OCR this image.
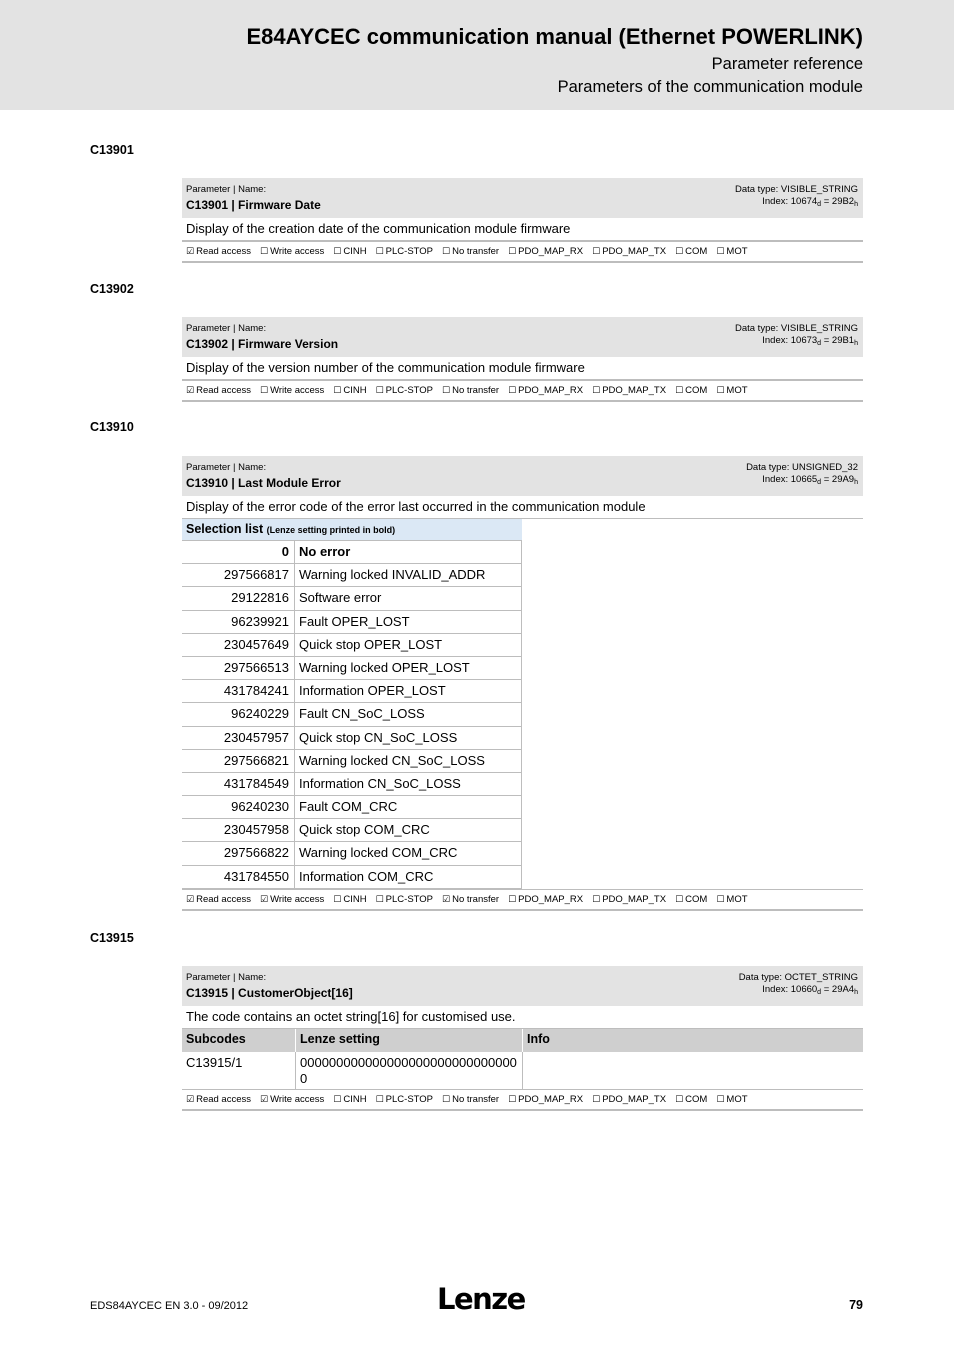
E84AYCEC communication manual (Ethernet POWERLINK)
Parameter reference
Parameters of the communication module
C13901
Parameter | Name:
C13901 | Firmware Date
Data type: VISIBLE_STRING
Index: $10674_d = 29B2_h$
Display of the creation date of the communication module firmware
☑ Read access ☐ Write access ☐ CINH ☐ PLC-STOP ☐ No transfer ☐ PDO_MAP_RX ☐ PDO_MAP_TX ☐ COM ☐ MOT
C13902
Parameter | Name:
C13902 | Firmware Version
Data type: VISIBLE_STRING
Index: $10673_d = 29B1_h$
Display of the version number of the communication module firmware
☑ Read access ☐ Write access ☐ CINH ☐ PLC-STOP ☐ No transfer ☐ PDO_MAP_RX ☐ PDO_MAP_TX ☐ COM ☐ MOT
C13910
Parameter | Name:
C13910 | Last Module Error
Data type: UNSIGNED_32
Index: $10665_d = 29A9_h$
Display of the error code of the error last occurred in the communication module
Selection list (Lenze setting printed in bold)
0 No error
297566817 Warning locked INVALID_ADDR
29122816 Software error
96239921 Fault OPER_LOST
230457649 Quick stop OPER_LOST
297566513 Warning locked OPER_LOST
431784241 Information OPER_LOST
96240229 Fault CN_SoC_LOSS
230457957 Quick stop CN_SoC_LOSS
297566821 Warning locked CN_SoC_LOSS
431784549 Information CN_SoC_LOSS
96240230 Fault COM_CRC
230457958 Quick stop COM_CRC
297566822 Warning locked COM_CRC
431784550 Information COM_CRC
☑ Read access ☑ Write access ☐ CINH ☐ PLC-STOP ☑ No transfer ☐ PDO_MAP_RX ☐ PDO_MAP_TX ☐ COM ☐ MOT
C13915
Parameter | Name:
C13915 | CustomerObject[16]
Data type: OCTET_STRING
Index: $10660_d = 29A4_h$
The code contains an octet string[16] for customised use.
Subcodes	Lenze setting	Info
C13915/1	0000000000000000000000000000000
☑ Read access ☑ Write access ☐ CINH ☐ PLC-STOP ☐ No transfer ☐ PDO_MAP_RX ☐ PDO_MAP_TX ☐ COM ☐ MOT
EDS84AYCEC EN 3.0 - 09/2012	Lenze	79
